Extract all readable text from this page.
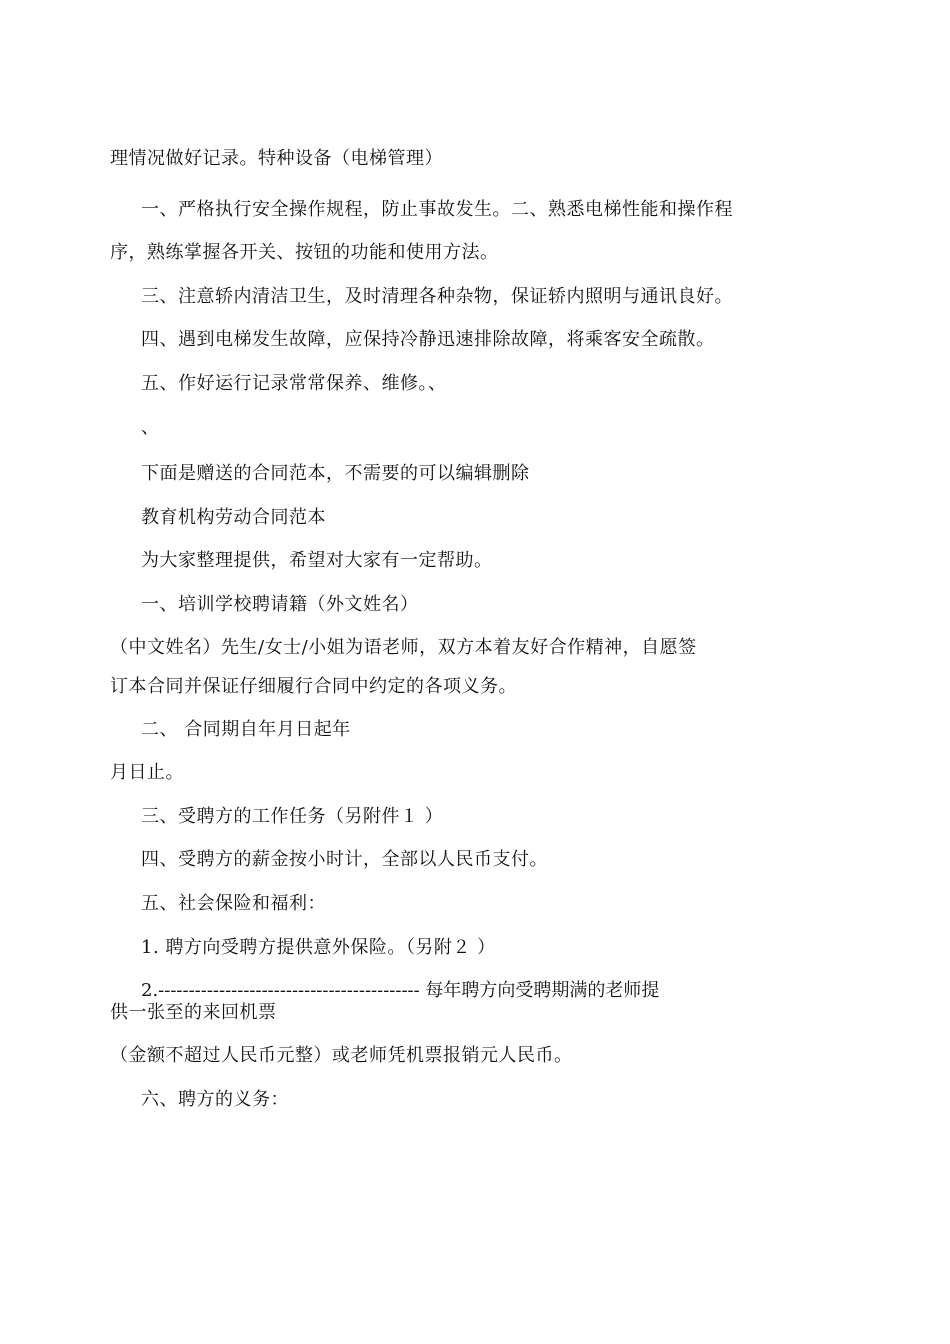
理情况做好记录。特种设备（电梯管理）
一、严格执行安全操作规程，防止事故发生。二、熟悉电梯性能和操作程
序，熟练掌握各开关、按钮的功能和使用方法。
三、注意轿内清洁卫生，及时清理各种杂物，保证轿内照明与通讯良好。
四、遇到电梯发生故障，应保持冷静迅速排除故障，将乘客安全疏散。
五、作好运行记录常常保养、维修。、
、
下面是赠送的合同范本，不需要的可以编辑删除
教育机构劳动合同范本
为大家整理提供，希望对大家有一定帮助。
一、培训学校聘请籍（外文姓名）
（中文姓名）先生/女士/小姐为语老师，双方本着友好合作精神，自愿签
订本合同并保证仔细履行合同中约定的各项义务。
二、 合同期自年月日起年
月日止。
三、受聘方的工作任务（另附件１ ）
四、受聘方的薪金按小时计，全部以人民币支付。
五、社会保险和福利：
1. 聘方向受聘方提供意外保险。（另附２ ）
2.------------------------------------------- 每年聘方向受聘期满的老师提
供一张至的来回机票
（金额不超过人民币元整）或老师凭机票报销元人民币。
六、聘方的义务：
